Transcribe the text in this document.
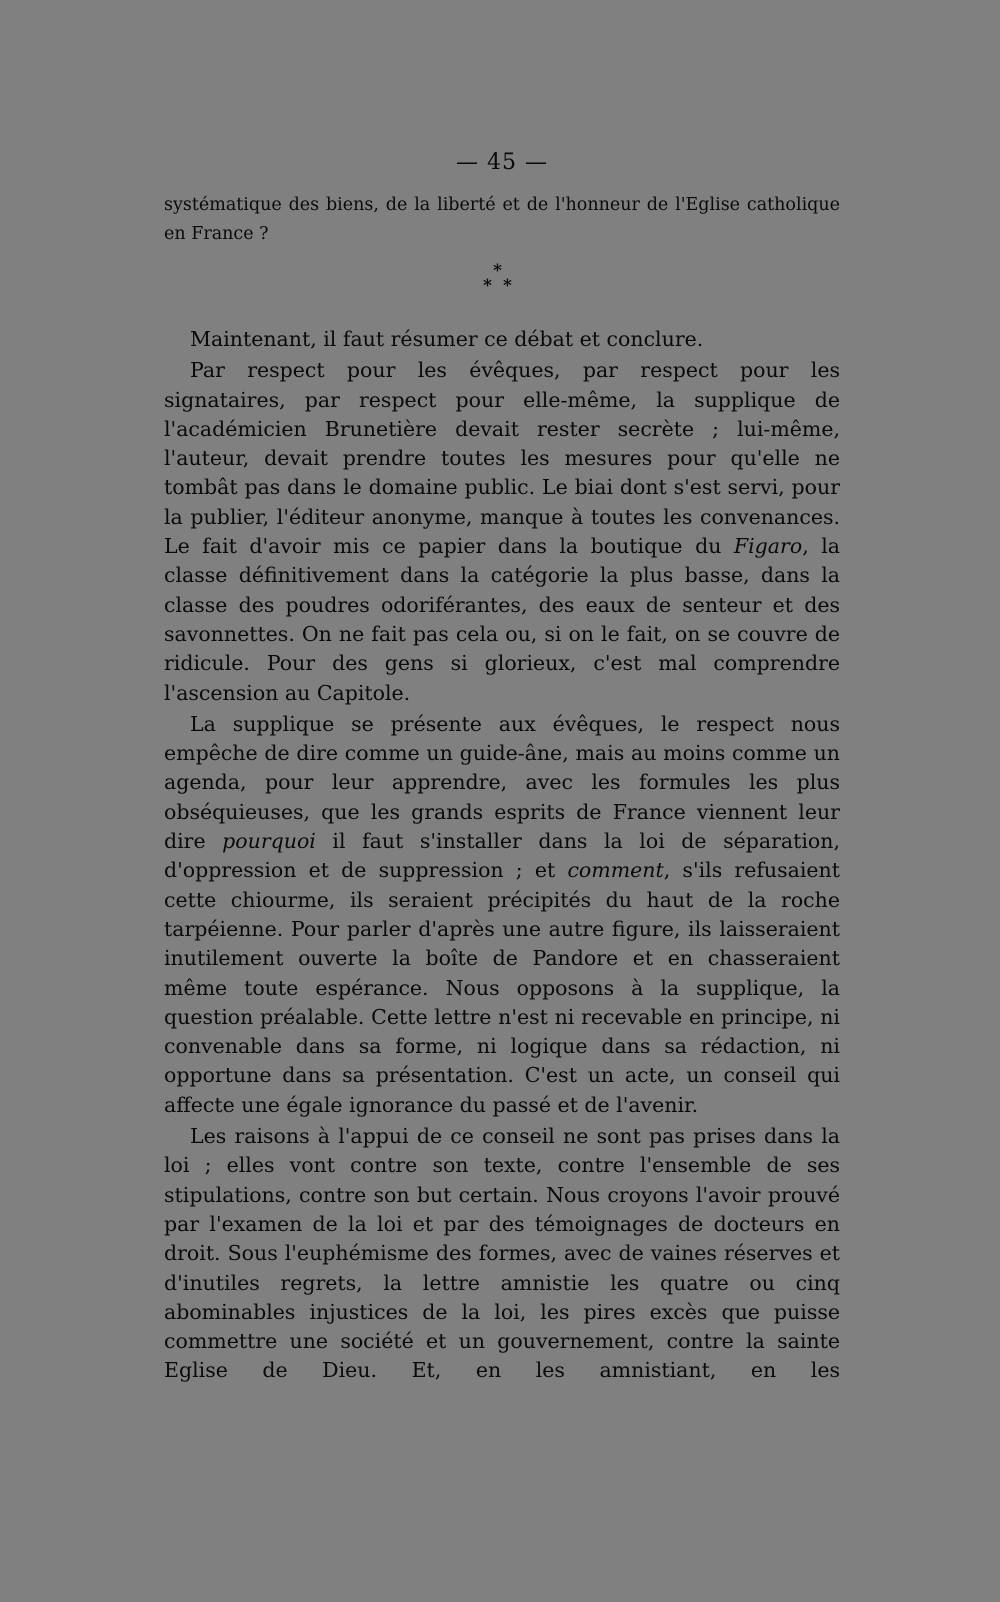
— 45 —

systématique des biens, de la liberté et de l'honneur de l'Eglise catholique en France ?

*
* *

Maintenant, il faut résumer ce débat et conclure.

Par respect pour les évêques, par respect pour les signataires, par respect pour elle-même, la supplique de l'académicien Brunetière devait rester secrète ; lui-même, l'auteur, devait prendre toutes les mesures pour qu'elle ne tombât pas dans le domaine public. Le biai dont s'est servi, pour la publier, l'éditeur anonyme, manque à toutes les convenances. Le fait d'avoir mis ce papier dans la boutique du Figaro, la classe définitivement dans la catégorie la plus basse, dans la classe des poudres odoriférantes, des eaux de senteur et des savonnettes. On ne fait pas cela ou, si on le fait, on se couvre de ridicule. Pour des gens si glorieux, c'est mal comprendre l'ascension au Capitole.

La supplique se présente aux évêques, le respect nous empêche de dire comme un guide-âne, mais au moins comme un agenda, pour leur apprendre, avec les formules les plus obséquieuses, que les grands esprits de France viennent leur dire pourquoi il faut s'installer dans la loi de séparation, d'oppression et de suppression ; et comment, s'ils refusaient cette chiourme, ils seraient précipités du haut de la roche tarpéienne. Pour parler d'après une autre figure, ils laisseraient inutilement ouverte la boîte de Pandore et en chasseraient même toute espérance. Nous opposons à la supplique, la question préalable. Cette lettre n'est ni recevable en principe, ni convenable dans sa forme, ni logique dans sa rédaction, ni opportune dans sa présentation. C'est un acte, un conseil qui affecte une égale ignorance du passé et de l'avenir.

Les raisons à l'appui de ce conseil ne sont pas prises dans la loi ; elles vont contre son texte, contre l'ensemble de ses stipulations, contre son but certain. Nous croyons l'avoir prouvé par l'examen de la loi et par des témoignages de docteurs en droit. Sous l'euphémisme des formes, avec de vaines réserves et d'inutiles regrets, la lettre amnistie les quatre ou cinq abominables injustices de la loi, les pires excès que puisse commettre une société et un gouvernement, contre la sainte Eglise de Dieu. Et, en les amnistiant, en les
